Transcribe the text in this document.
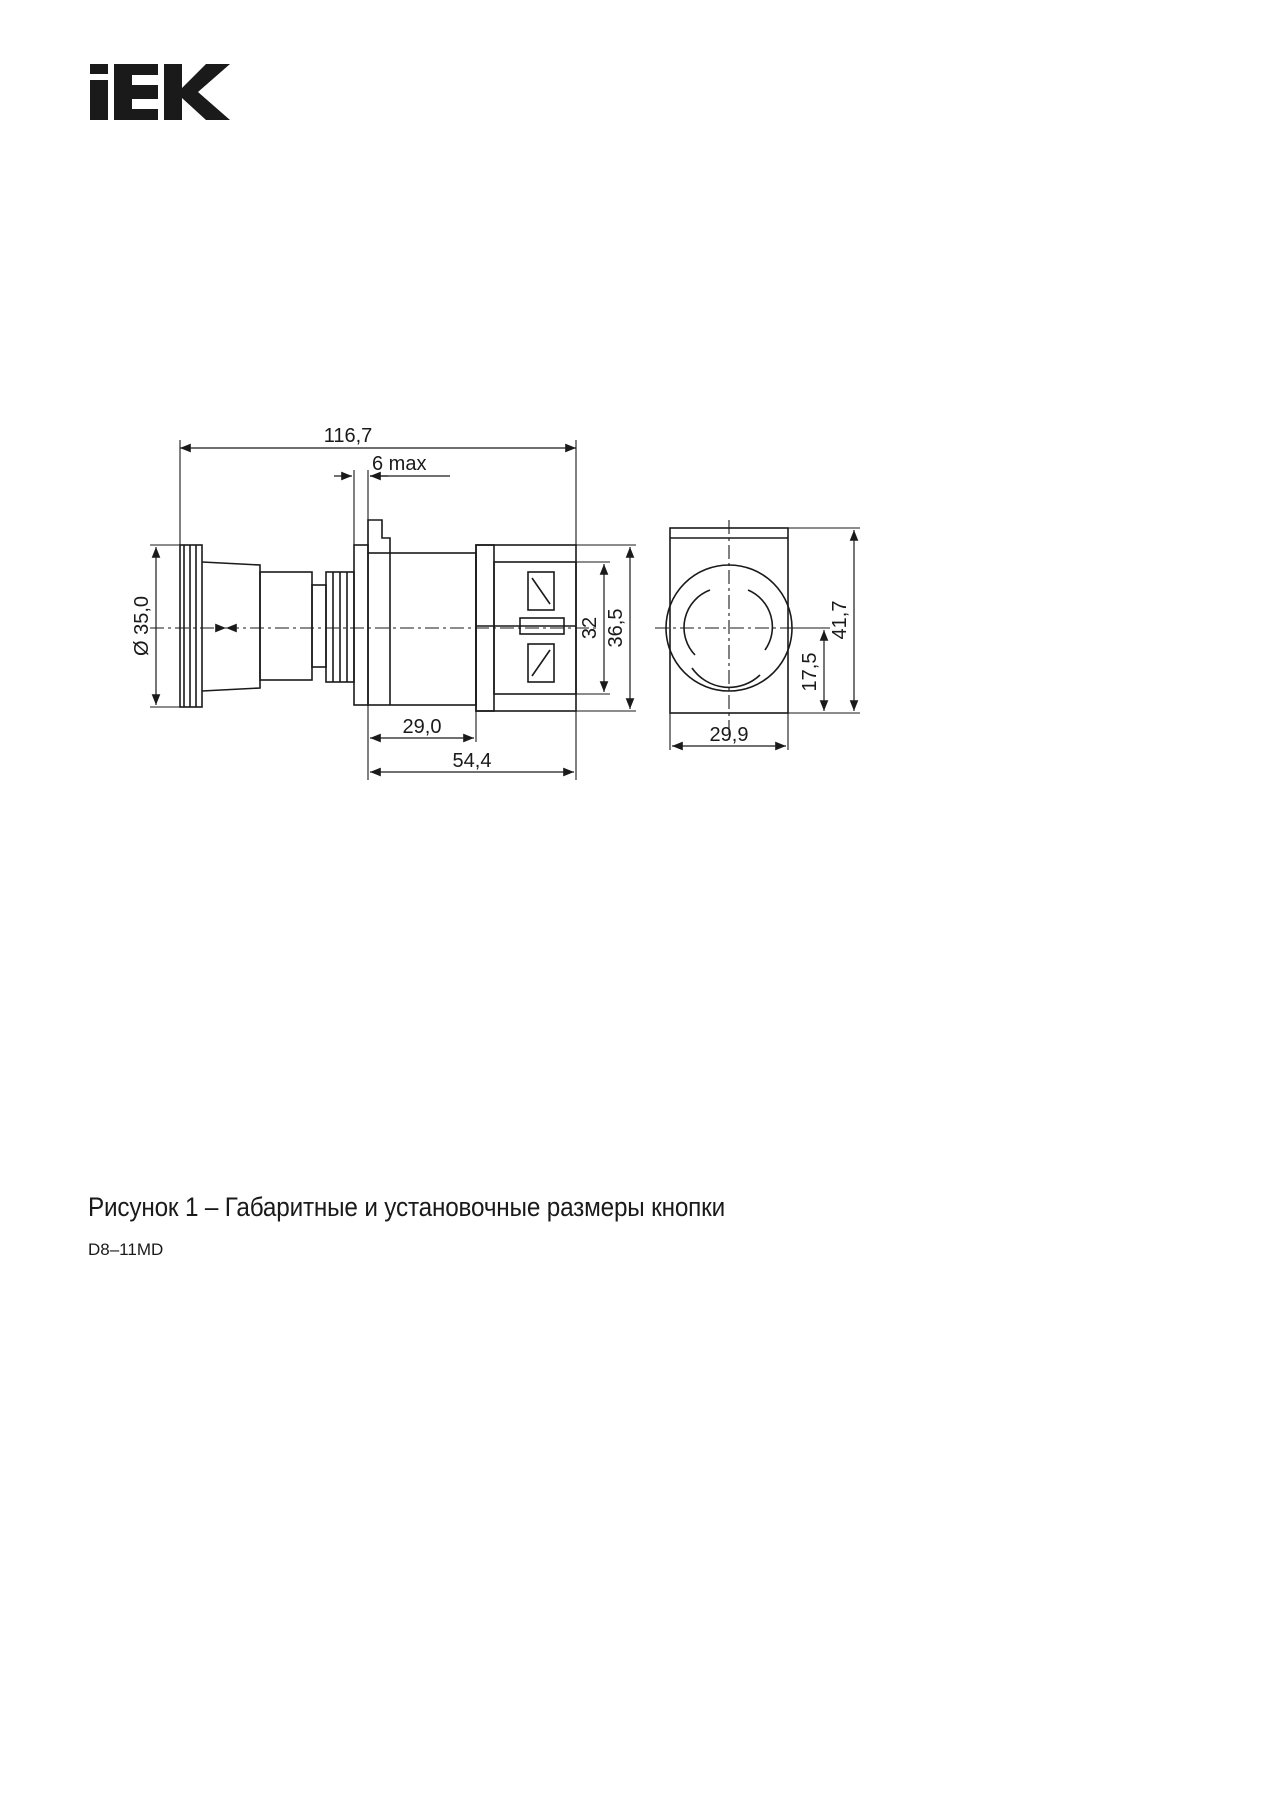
116,7
6 max
Ø 35,0	32 36,5
29,0
54,4
29,9
41,7
17,5
Рисунок 1 – Габаритные и установочные размеры кнопки
D8–11MD
